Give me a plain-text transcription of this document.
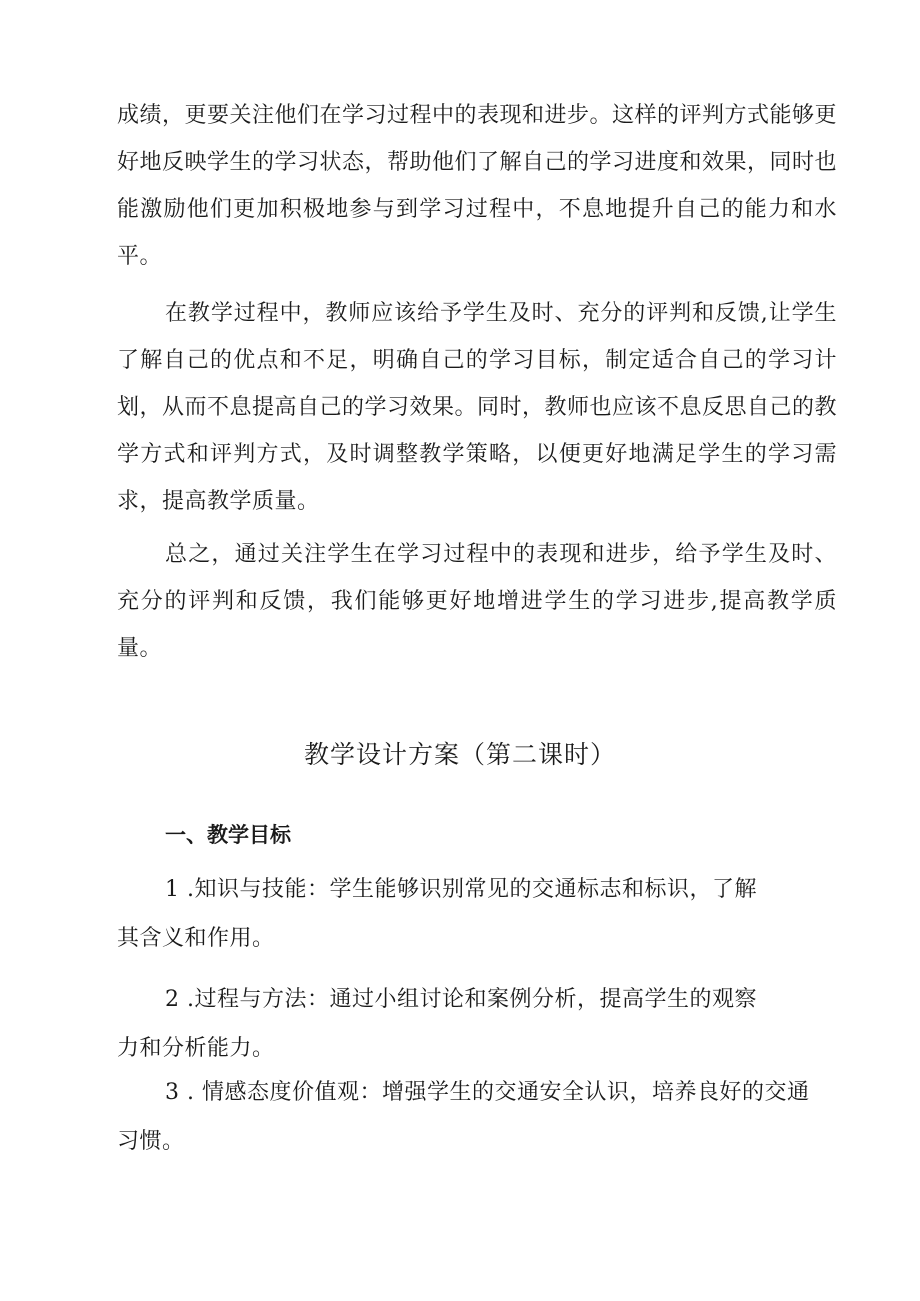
成绩，更要关注他们在学习过程中的表现和进步。这样的评判方式能够更好地反映学生的学习状态，帮助他们了解自己的学习进度和效果，同时也能激励他们更加积极地参与到学习过程中，不息地提升自己的能力和水平。

在教学过程中，教师应该给予学生及时、充分的评判和反馈,让学生了解自己的优点和不足，明确自己的学习目标，制定适合自己的学习计划，从而不息提高自己的学习效果。同时，教师也应该不息反思自己的教学方式和评判方式，及时调整教学策略，以便更好地满足学生的学习需求，提高教学质量。

总之，通过关注学生在学习过程中的表现和进步，给予学生及时、充分的评判和反馈，我们能够更好地增进学生的学习进步,提高教学质量。

教学设计方案（第二课时）
一、教学目标

1 .知识与技能：学生能够识别常见的交通标志和标识，了解

其含义和作用。

2 .过程与方法：通过小组讨论和案例分析，提高学生的观察

力和分析能力。

3 . 情感态度价值观：增强学生的交通安全认识，培养良好的交通

习惯。
